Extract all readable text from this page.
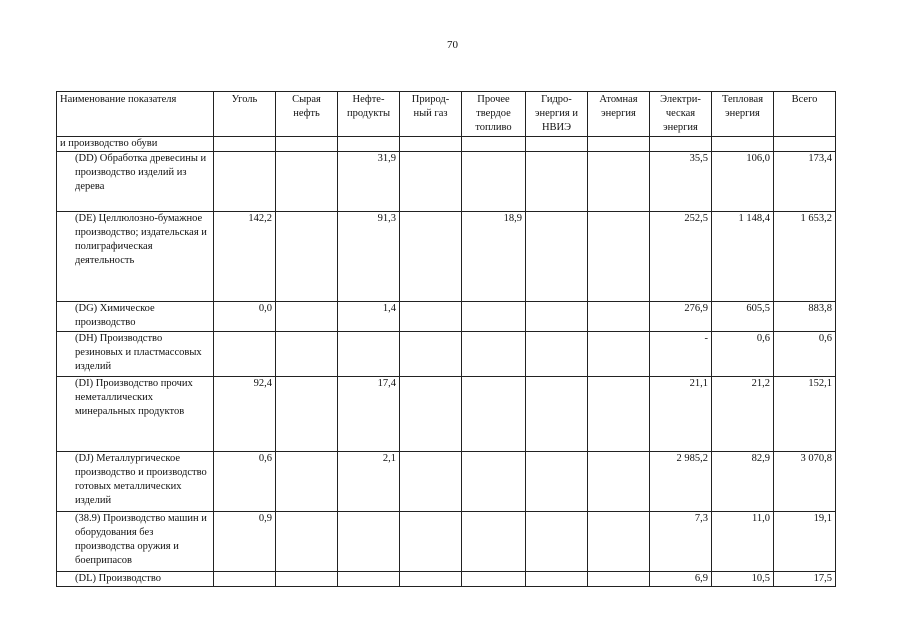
70
Наименование показателя	Уголь	Сырая нефть	Нефте-продукты	Природ-ный газ	Прочее твердое топливо	Гидро-энергия и НВИЭ	Атомная энергия	Электри-ческая энергия	Тепловая энергия	Всего
и производство обуви										
(DD) Обработка древесины и производство изделий из дерева			31,9					35,5	106,0	173,4
(DE) Целлюлозно-бумажное производство; издательская и полиграфическая деятельность	142,2		91,3		18,9			252,5	1 148,4	1 653,2
(DG) Химическое производство	0,0		1,4					276,9	605,5	883,8
(DH) Производство резиновых и пластмассовых изделий								-	0,6	0,6
(DI) Производство прочих неметаллических минеральных продуктов	92,4		17,4					21,1	21,2	152,1
(DJ) Металлургическое производство и производство готовых металлических изделий	0,6		2,1					2 985,2	82,9	3 070,8
(38.9) Производство машин и оборудования без производства оружия и боеприпасов	0,9							7,3	11,0	19,1
(DL) Производство								6,9	10,5	17,5
